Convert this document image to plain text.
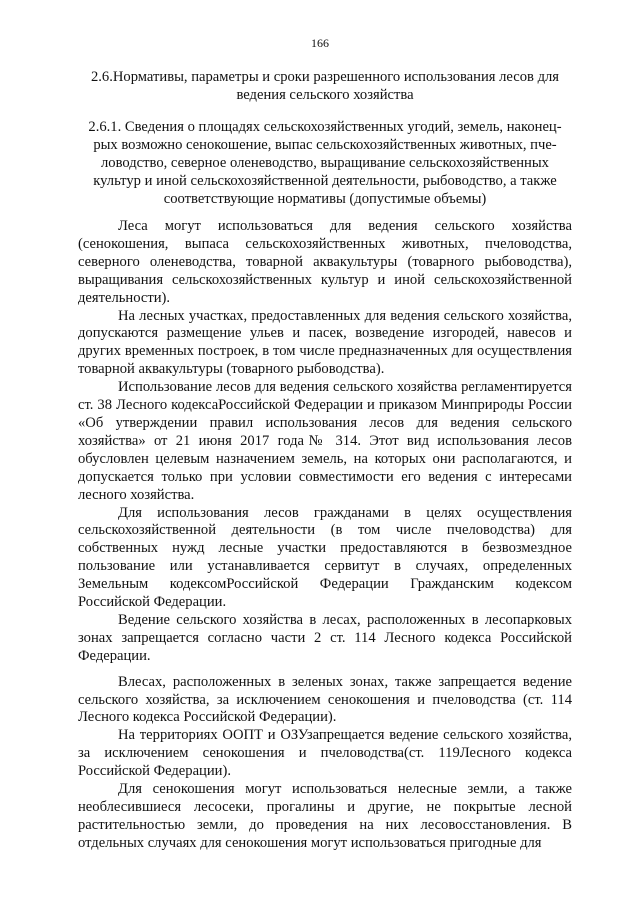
166
2.6.Нормативы, параметры и сроки разрешенного использования лесов для ведения сельского хозяйства
2.6.1. Сведения о площадях сельскохозяйственных угодий, земель, наконец-рых возможно сенокошение, выпас сельскохозяйственных животных, пче-ловодство, северное оленеводство, выращивание сельскохозяйственных культур и иной сельскохозяйственной деятельности, рыбоводство, а также соответствующие нормативы (допустимые объемы)

Леса могут использоваться для ведения сельского хозяйства (сенокошения, выпаса сельскохозяйственных животных, пчеловодства, северного оленеводства, товарной аквакультуры (товарного рыбоводства), выращивания сельскохозяйственных культур и иной сельскохозяйственной деятельности).

На лесных участках, предоставленных для ведения сельского хозяйства, допускаются размещение ульев и пасек, возведение изгородей, навесов и других временных построек, в том числе предназначенных для осуществления товарной аквакультуры (товарного рыбоводства).

Использование лесов для ведения сельского хозяйства регламентируется ст. 38 Лесного кодексаРоссийской Федерации и приказом Минприроды России «Об утверждении правил использования лесов для ведения сельского хозяйства» от 21 июня 2017 года№ 314. Этот вид использования лесов обусловлен целевым назначением земель, на которых они располагаются, и допускается только при условии совместимости его ведения с интересами лесного хозяйства.

Для использования лесов гражданами в целях осуществления сельскохозяйственной деятельности (в том числе пчеловодства) для собственных нужд лесные участки предоставляются в безвозмездное пользование или устанавливается сервитут в случаях, определенных Земельным кодексомРоссийской Федерации Гражданским кодексом Российской Федерации.

Ведение сельского хозяйства в лесах, расположенных в лесопарковых зонах запрещается согласно части 2 ст. 114 Лесного кодекса Российской Федерации.

Влесах, расположенных в зеленых зонах, также запрещается ведение сельского хозяйства, за исключением сенокошения и пчеловодства (ст. 114 Лесного кодекса Российской Федерации).

На территориях ООПТ и ОЗУзапрещается ведение сельского хозяйства, за исключением сенокошения и пчеловодства(ст. 119Лесного кодекса Российской Федерации).

Для сенокошения могут использоваться нелесные земли, а также необлесившиеся лесосеки, прогалины и другие, не покрытые лесной растительностью земли, до проведения на них лесовосстановления. В отдельных случаях для сенокошения могут использоваться пригодные для
